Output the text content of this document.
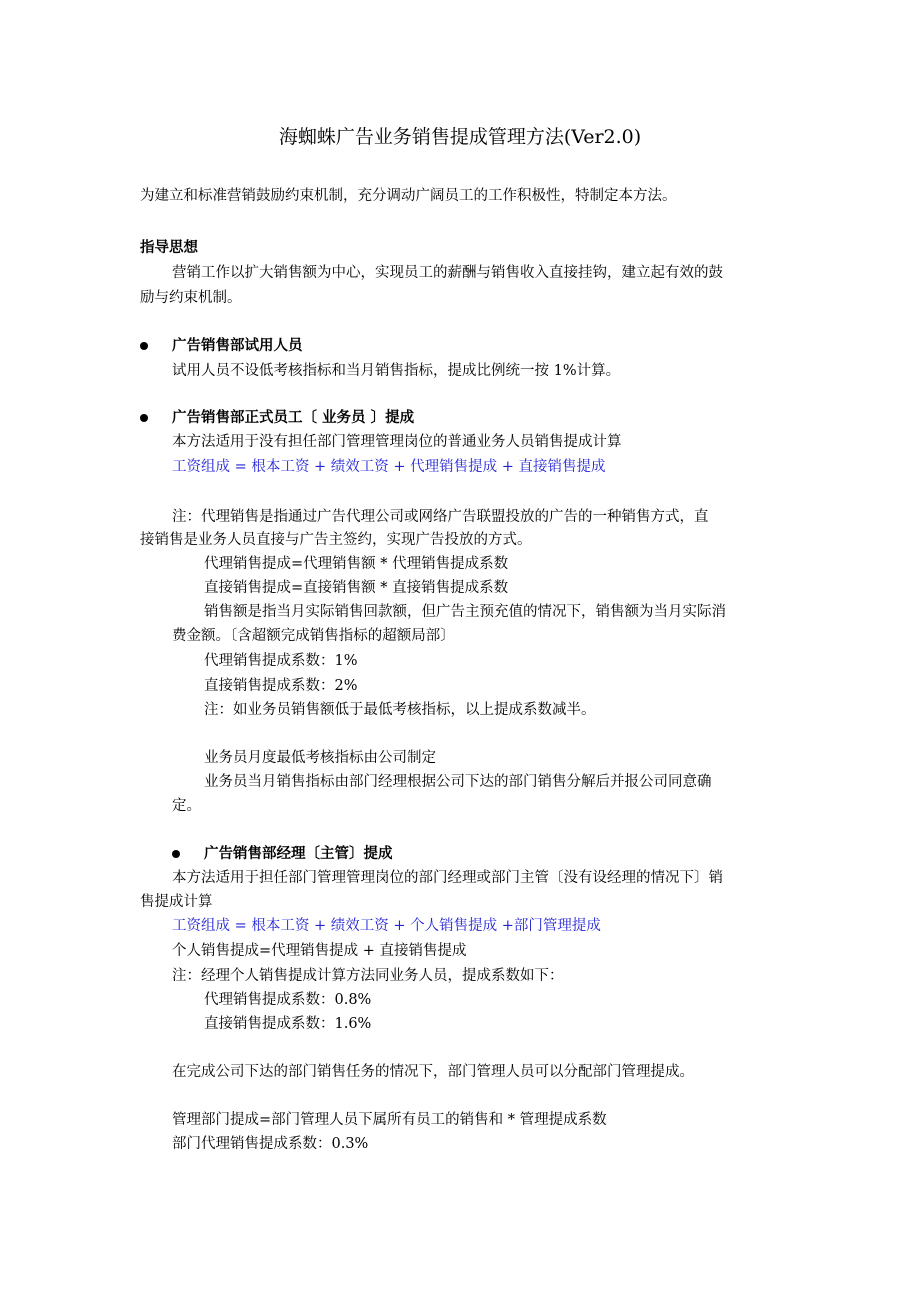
海蜘蛛广告业务销售提成管理方法(Ver2.0)
为建立和标准营销鼓励约束机制，充分调动广阔员工的工作积极性，特制定本方法。
指导思想
营销工作以扩大销售额为中心，实现员工的薪酬与销售收入直接挂钩，建立起有效的鼓
励与约束机制。
广告销售部试用人员
试用人员不设低考核指标和当月销售指标，提成比例统一按 1%计算。
广告销售部正式员工〔 业务员 〕提成
本方法适用于没有担任部门管理管理岗位的普通业务人员销售提成计算
工资组成 = 根本工资 + 绩效工资 + 代理销售提成 + 直接销售提成
注：代理销售是指通过广告代理公司或网络广告联盟投放的广告的一种销售方式，直
接销售是业务人员直接与广告主签约，实现广告投放的方式。
代理销售提成=代理销售额 * 代理销售提成系数
直接销售提成=直接销售额 * 直接销售提成系数
销售额是指当月实际销售回款额，但广告主预充值的情况下，销售额为当月实际消
费金额。〔含超额完成销售指标的超额局部〕
代理销售提成系数：1%
直接销售提成系数：2%
注：如业务员销售额低于最低考核指标，以上提成系数减半。
业务员月度最低考核指标由公司制定
业务员当月销售指标由部门经理根据公司下达的部门销售分解后并报公司同意确
定。
广告销售部经理〔主管〕提成
本方法适用于担任部门管理管理岗位的部门经理或部门主管〔没有设经理的情况下〕销
售提成计算
工资组成 = 根本工资 + 绩效工资 + 个人销售提成 +部门管理提成
个人销售提成=代理销售提成 + 直接销售提成
注：经理个人销售提成计算方法同业务人员，提成系数如下：
代理销售提成系数：0.8%
直接销售提成系数：1.6%
在完成公司下达的部门销售任务的情况下，部门管理人员可以分配部门管理提成。
管理部门提成=部门管理人员下属所有员工的销售和 * 管理提成系数
部门代理销售提成系数：0.3%
